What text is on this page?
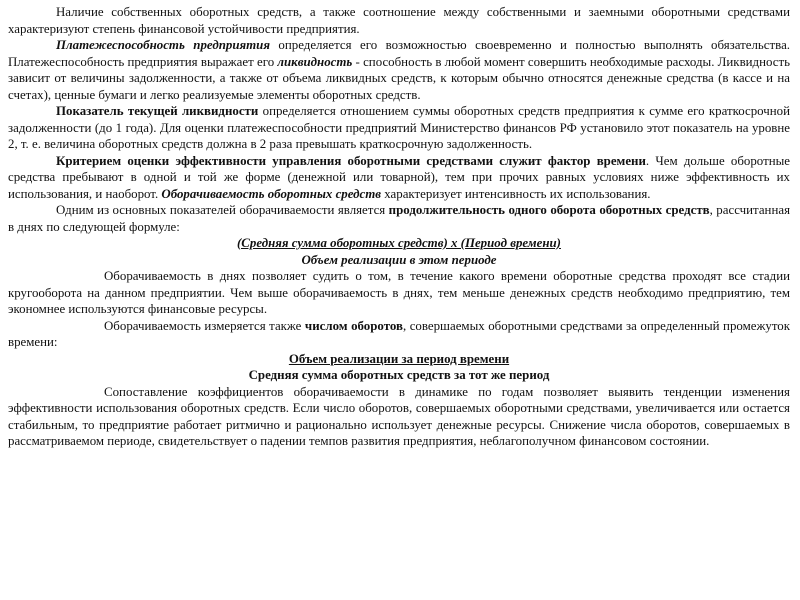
Наличие собственных оборотных средств, а также соотношение между собственными и заемными оборотными средствами характеризуют степень финансовой устойчивости предприятия.

Платежеспособность предприятия определяется его возможностью своевременно и полностью выполнять обязательства. Платежеспособность предприятия выражает его ликвидность - способность в любой момент совершить необходимые расходы. Ликвидность зависит от величины задолженности, а также от объема ликвидных средств, к которым обычно относятся денежные средства (в кассе и на счетах), ценные бумаги и легко реализуемые элементы оборотных средств.

Показатель текущей ликвидности определяется отношением суммы оборотных средств предприятия к сумме его краткосрочной задолженности (до 1 года). Для оценки платежеспособности предприятий Министерство финансов РФ установило этот показатель на уровне 2, т. е. величина оборотных средств должна в 2 раза превышать краткосрочную задолженность.

Критерием оценки эффективности управления оборотными средствами служит фактор времени. Чем дольше оборотные средства пребывают в одной и той же форме (денежной или товарной), тем при прочих равных условиях ниже эффективность их использования, и наоборот. Оборачиваемость оборотных средств характеризует интенсивность их использования.

Одним из основных показателей оборачиваемости является продолжительность одного оборота оборотных средств, рассчитанная в днях по следующей формуле:

(Средняя сумма оборотных средств) х (Период времени)

Объем реализации в этом периоде

Оборачиваемость в днях позволяет судить о том, в течение какого времени оборотные средства проходят все стадии кругооборота на данном предприятии. Чем выше оборачиваемость в днях, тем меньше денежных средств необходимо предприятию, тем экономнее используются финансовые ресурсы.

Оборачиваемость измеряется также числом оборотов, совершаемых оборотными средствами за определенный промежуток времени:

Объем реализации за период времени

Средняя сумма оборотных средств за тот же период

Сопоставление коэффициентов оборачиваемости в динамике по годам позволяет выявить тенденции изменения эффективности использования оборотных средств. Если число оборотов, совершаемых оборотными средствами, увеличивается или остается стабильным, то предприятие работает ритмично и рационально использует денежные ресурсы. Снижение числа оборотов, совершаемых в рассматриваемом периоде, свидетельствует о падении темпов развития предприятия, неблагополучном финансовом состоянии.
